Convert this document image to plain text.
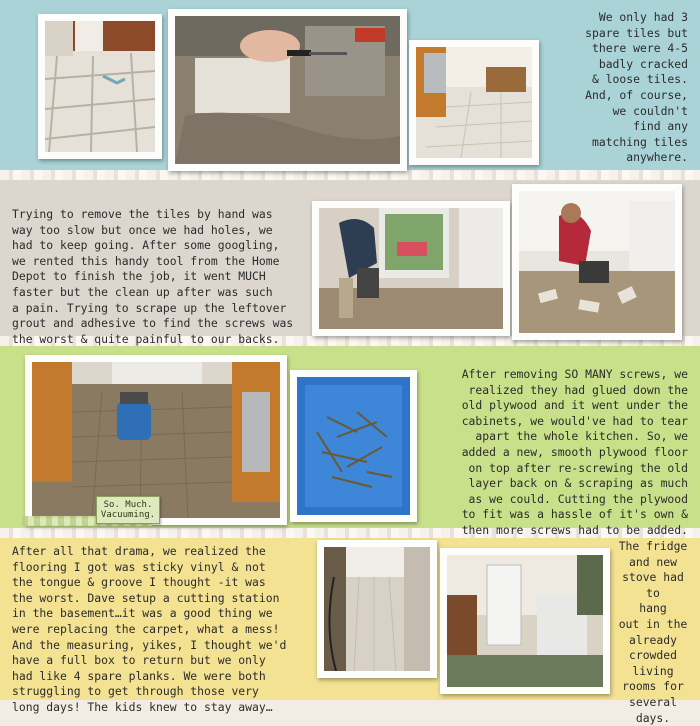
We only had 3
spare tiles but
there were 4-5
badly cracked
& loose tiles.
And, of course,
we couldn't
find any
matching tiles
anywhere.

Trying to remove the tiles by hand was
way too slow but once we had holes, we
had to keep going. After some googling,
we rented this handy tool from the Home
Depot to finish the job, it went MUCH
faster but the clean up after was such
a pain. Trying to scrape up the leftover
grout and adhesive to find the screws was
the worst & quite painful to our backs.

After removing SO MANY screws, we
realized they had glued down the
old plywood and it went under the
cabinets, we would've had to tear
apart the whole kitchen. So, we
added a new, smooth plywood floor
on top after re-screwing the old
layer back on & scraping as much
as we could. Cutting the plywood
to fit was a hassle of it's own &
then more screws had to be added.

So. Much. Vacuuming.

After all that drama, we realized the
flooring I got was sticky vinyl & not
the tongue & groove I thought -it was
the worst. Dave setup a cutting station
in the basement…it was a good thing we
were replacing the carpet, what a mess!
And the measuring, yikes, I thought we'd
have a full box to return but we only
had like 4 spare planks. We were both
struggling to get through those very
long days! The kids knew to stay away…

The fridge
and new
stove had to
hang
out in the
already
crowded
living
rooms for
several
days.
